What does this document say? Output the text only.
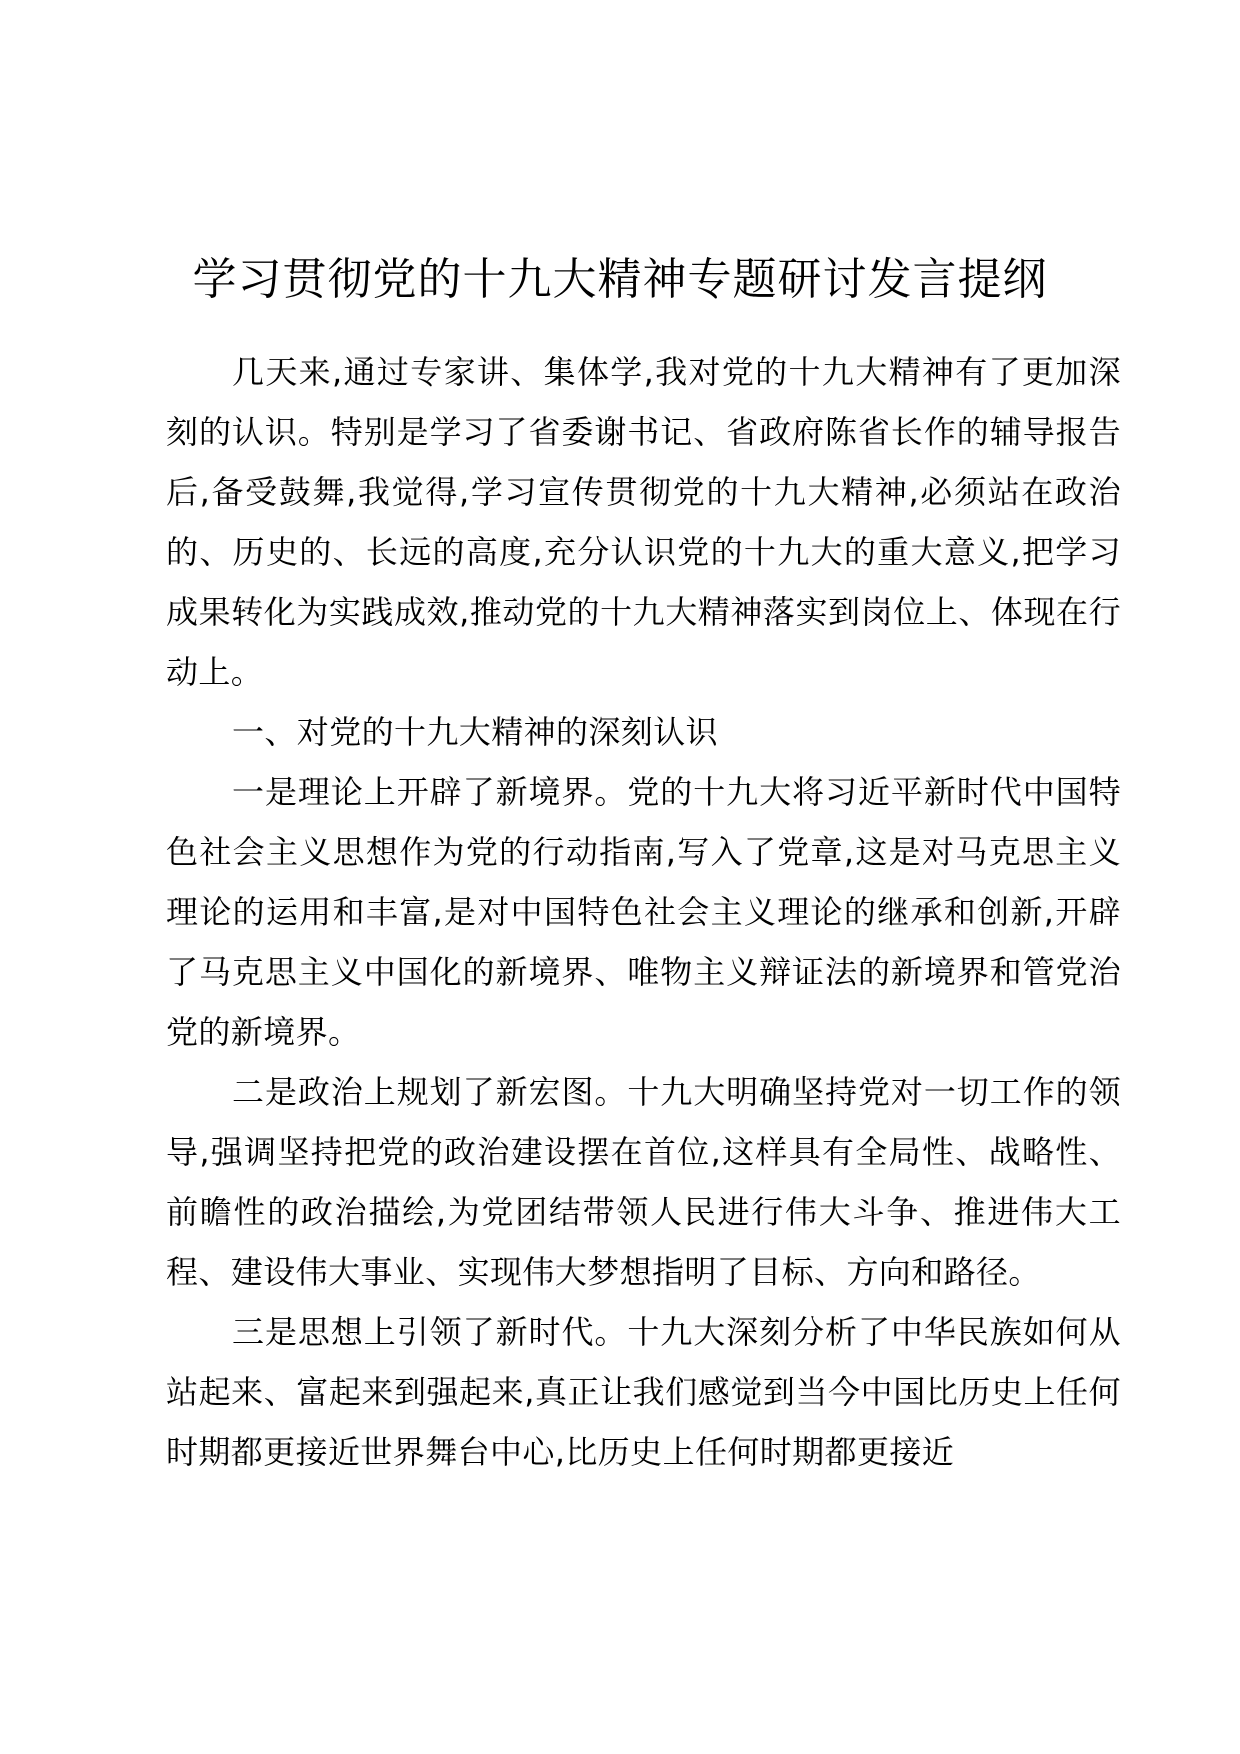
学习贯彻党的十九大精神专题研讨发言提纲

几天来,通过专家讲、集体学,我对党的十九大精神有了更加深刻的认识。特别是学习了省委谢书记、省政府陈省长作的辅导报告后,备受鼓舞,我觉得,学习宣传贯彻党的十九大精神,必须站在政治的、历史的、长远的高度,充分认识党的十九大的重大意义,把学习成果转化为实践成效,推动党的十九大精神落实到岗位上、体现在行动上。

一、对党的十九大精神的深刻认识

一是理论上开辟了新境界。党的十九大将习近平新时代中国特色社会主义思想作为党的行动指南,写入了党章,这是对马克思主义理论的运用和丰富,是对中国特色社会主义理论的继承和创新,开辟了马克思主义中国化的新境界、唯物主义辩证法的新境界和管党治党的新境界。

二是政治上规划了新宏图。十九大明确坚持党对一切工作的领导,强调坚持把党的政治建设摆在首位,这样具有全局性、战略性、前瞻性的政治描绘,为党团结带领人民进行伟大斗争、推进伟大工程、建设伟大事业、实现伟大梦想指明了目标、方向和路径。

三是思想上引领了新时代。十九大深刻分析了中华民族如何从站起来、富起来到强起来,真正让我们感觉到当今中国比历史上任何时期都更接近世界舞台中心,比历史上任何时期都更接近
